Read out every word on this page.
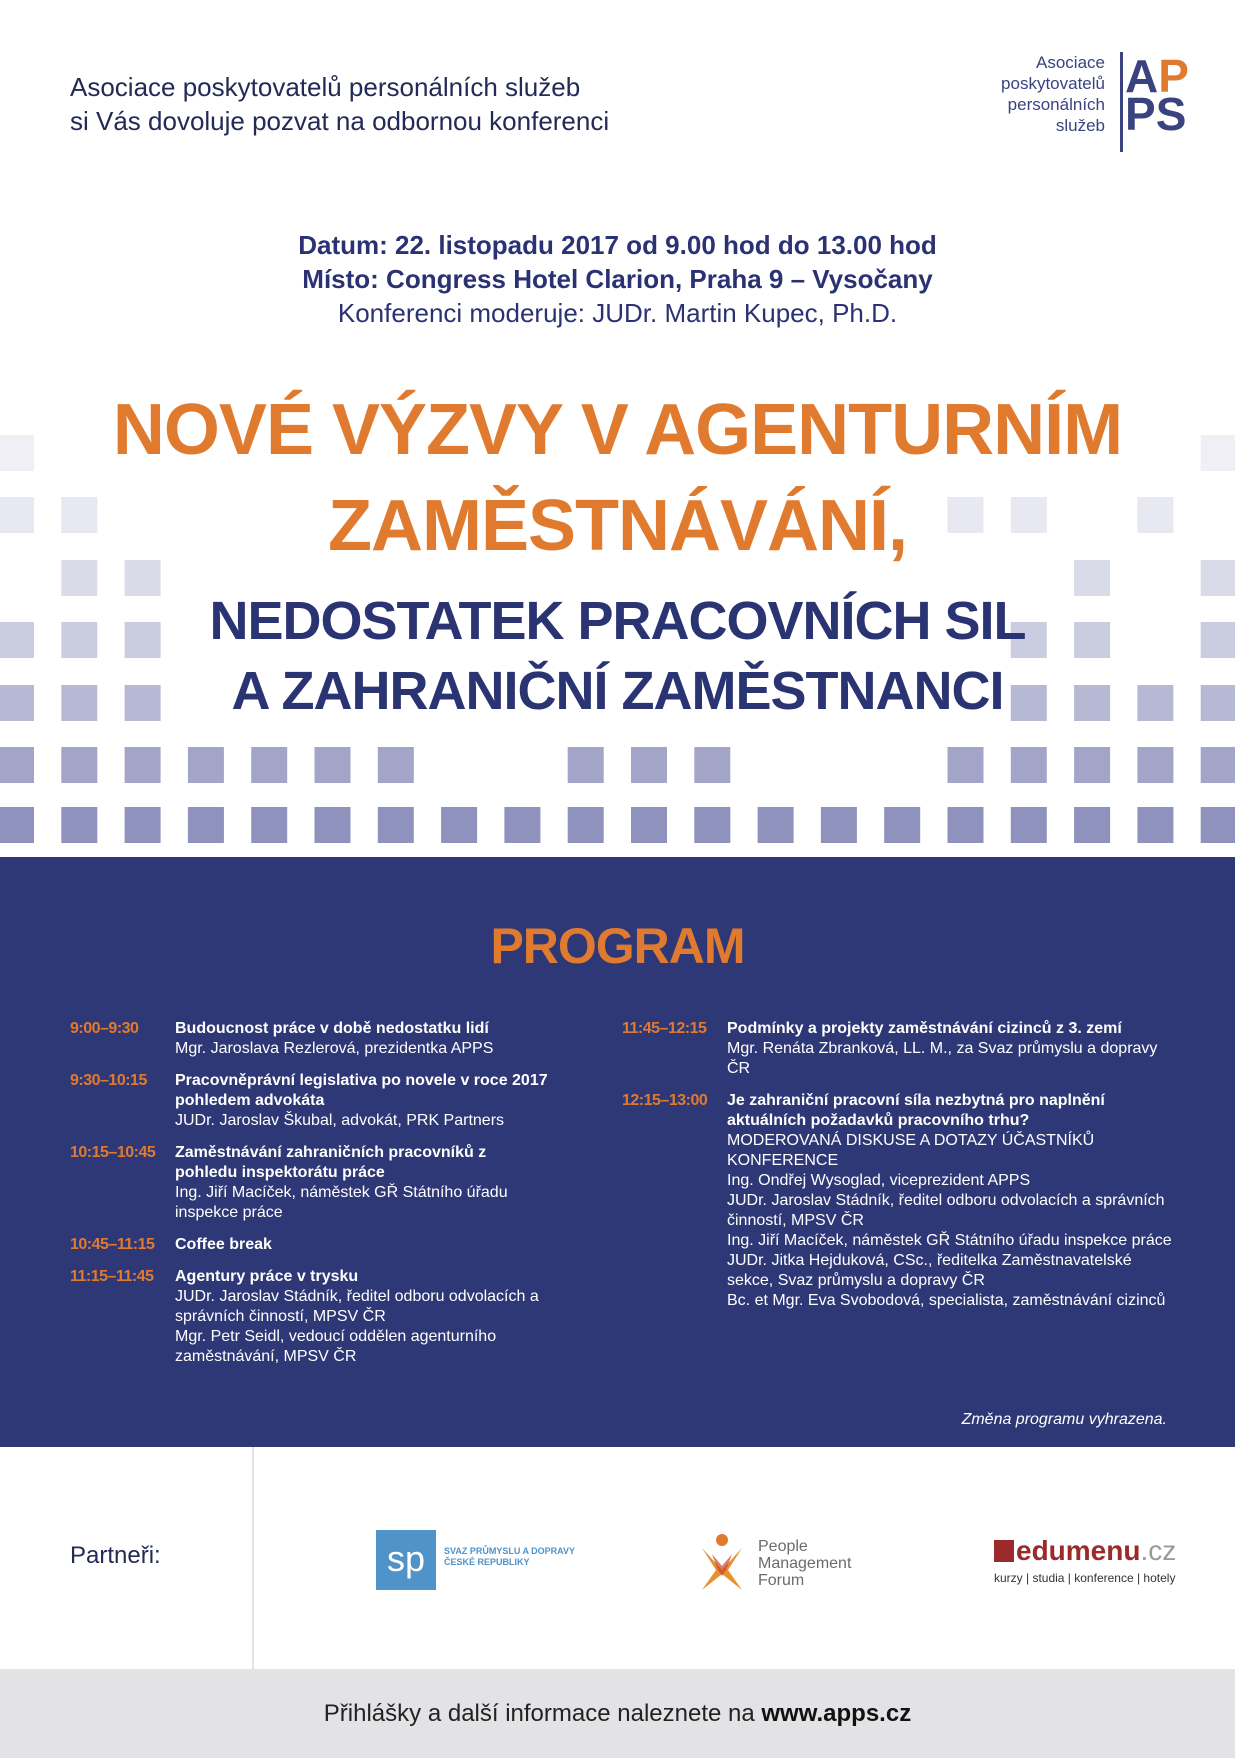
Asociace poskytovatelů personálních služeb
si Vás dovoluje pozvat na odbornou konferenci
Asociace
poskytovatelů
personálních
služeb
AP
PS
Datum: 22. listopadu 2017 od 9.00 hod do 13.00 hod
Místo: Congress Hotel Clarion, Praha 9 – Vysočany
Konferenci moderuje: JUDr. Martin Kupec, Ph.D.
NOVÉ VÝZVY V AGENTURNÍM
ZAMĚSTNÁVÁNÍ,
NEDOSTATEK PRACOVNÍCH SIL
A ZAHRANIČNÍ ZAMĚSTNANCI
PROGRAM
9:00–9:30 Budoucnost práce v době nedostatku lidí
Mgr. Jaroslava Rezlerová, prezidentka APPS
9:30–10:15 Pracovněprávní legislativa po novele v roce 2017 pohledem advokáta
JUDr. Jaroslav Škubal, advokát, PRK Partners
10:15–10:45 Zaměstnávání zahraničních pracovníků z pohledu inspektorátu práce
Ing. Jiří Macíček, náměstek GŘ Státního úřadu inspekce práce
10:45–11:15 Coffee break
11:15–11:45 Agentury práce v trysku
JUDr. Jaroslav Stádník, ředitel odboru odvolacích a správních činností, MPSV ČR
Mgr. Petr Seidl, vedoucí oddělen agenturního zaměstnávání, MPSV ČR
11:45–12:15 Podmínky a projekty zaměstnávání cizinců z 3. zemí
Mgr. Renáta Zbranková, LL. M., za Svaz průmyslu a dopravy ČR
12:15–13:00 Je zahraniční pracovní síla nezbytná pro naplnění aktuálních požadavků pracovního trhu?
MODEROVANÁ DISKUSE A DOTAZY ÚČASTNÍKŮ KONFERENCE
Ing. Ondřej Wysoglad, viceprezident APPS
JUDr. Jaroslav Stádník, ředitel odboru odvolacích a správních činností, MPSV ČR
Ing. Jiří Macíček, náměstek GŘ Státního úřadu inspekce práce
JUDr. Jitka Hejduková, CSc., ředitelka Zaměstnavatelské sekce, Svaz průmyslu a dopravy ČR
Bc. et Mgr. Eva Svobodová, specialista, zaměstnávání cizinců
Změna programu vyhrazena.
Partneři:	sp	SVAZ PRŮMYSLU A DOPRAVY ČESKÉ REPUBLIKY
People
Management
Forum
edumenu.cz
kurzy | studia | konference | hotely
Přihlášky a další informace naleznete na www.apps.cz
